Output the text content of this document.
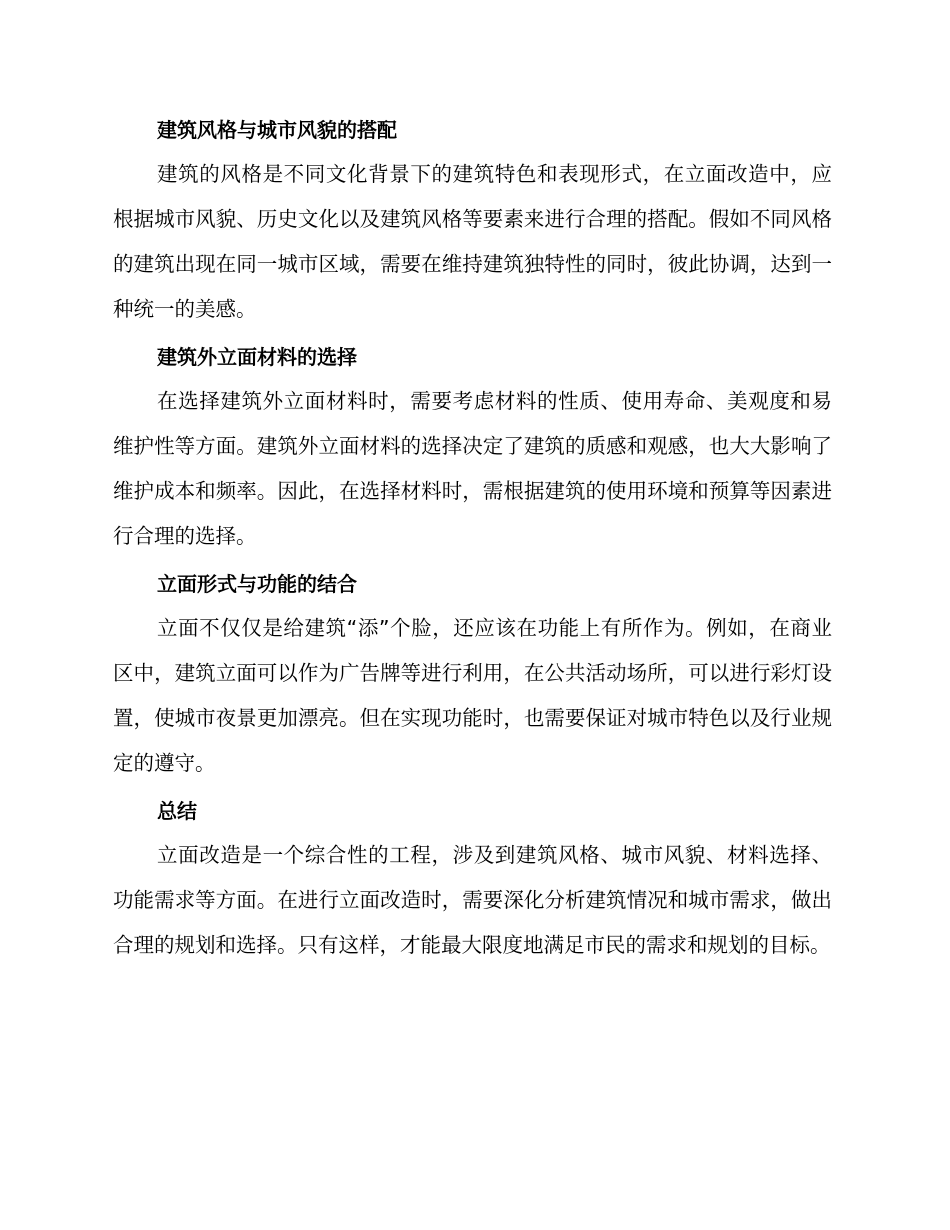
建筑风格与城市风貌的搭配

建筑的风格是不同文化背景下的建筑特色和表现形式，在立面改造中，应根据城市风貌、历史文化以及建筑风格等要素来进行合理的搭配。假如不同风格的建筑出现在同一城市区域，需要在维持建筑独特性的同时，彼此协调，达到一种统一的美感。

建筑外立面材料的选择

在选择建筑外立面材料时，需要考虑材料的性质、使用寿命、美观度和易维护性等方面。建筑外立面材料的选择决定了建筑的质感和观感，也大大影响了维护成本和频率。因此，在选择材料时，需根据建筑的使用环境和预算等因素进行合理的选择。

立面形式与功能的结合

立面不仅仅是给建筑“添”个脸，还应该在功能上有所作为。例如，在商业区中，建筑立面可以作为广告牌等进行利用，在公共活动场所，可以进行彩灯设置，使城市夜景更加漂亮。但在实现功能时，也需要保证对城市特色以及行业规定的遵守。

总结

立面改造是一个综合性的工程，涉及到建筑风格、城市风貌、材料选择、功能需求等方面。在进行立面改造时，需要深化分析建筑情况和城市需求，做出合理的规划和选择。只有这样，才能最大限度地满足市民的需求和规划的目标。
